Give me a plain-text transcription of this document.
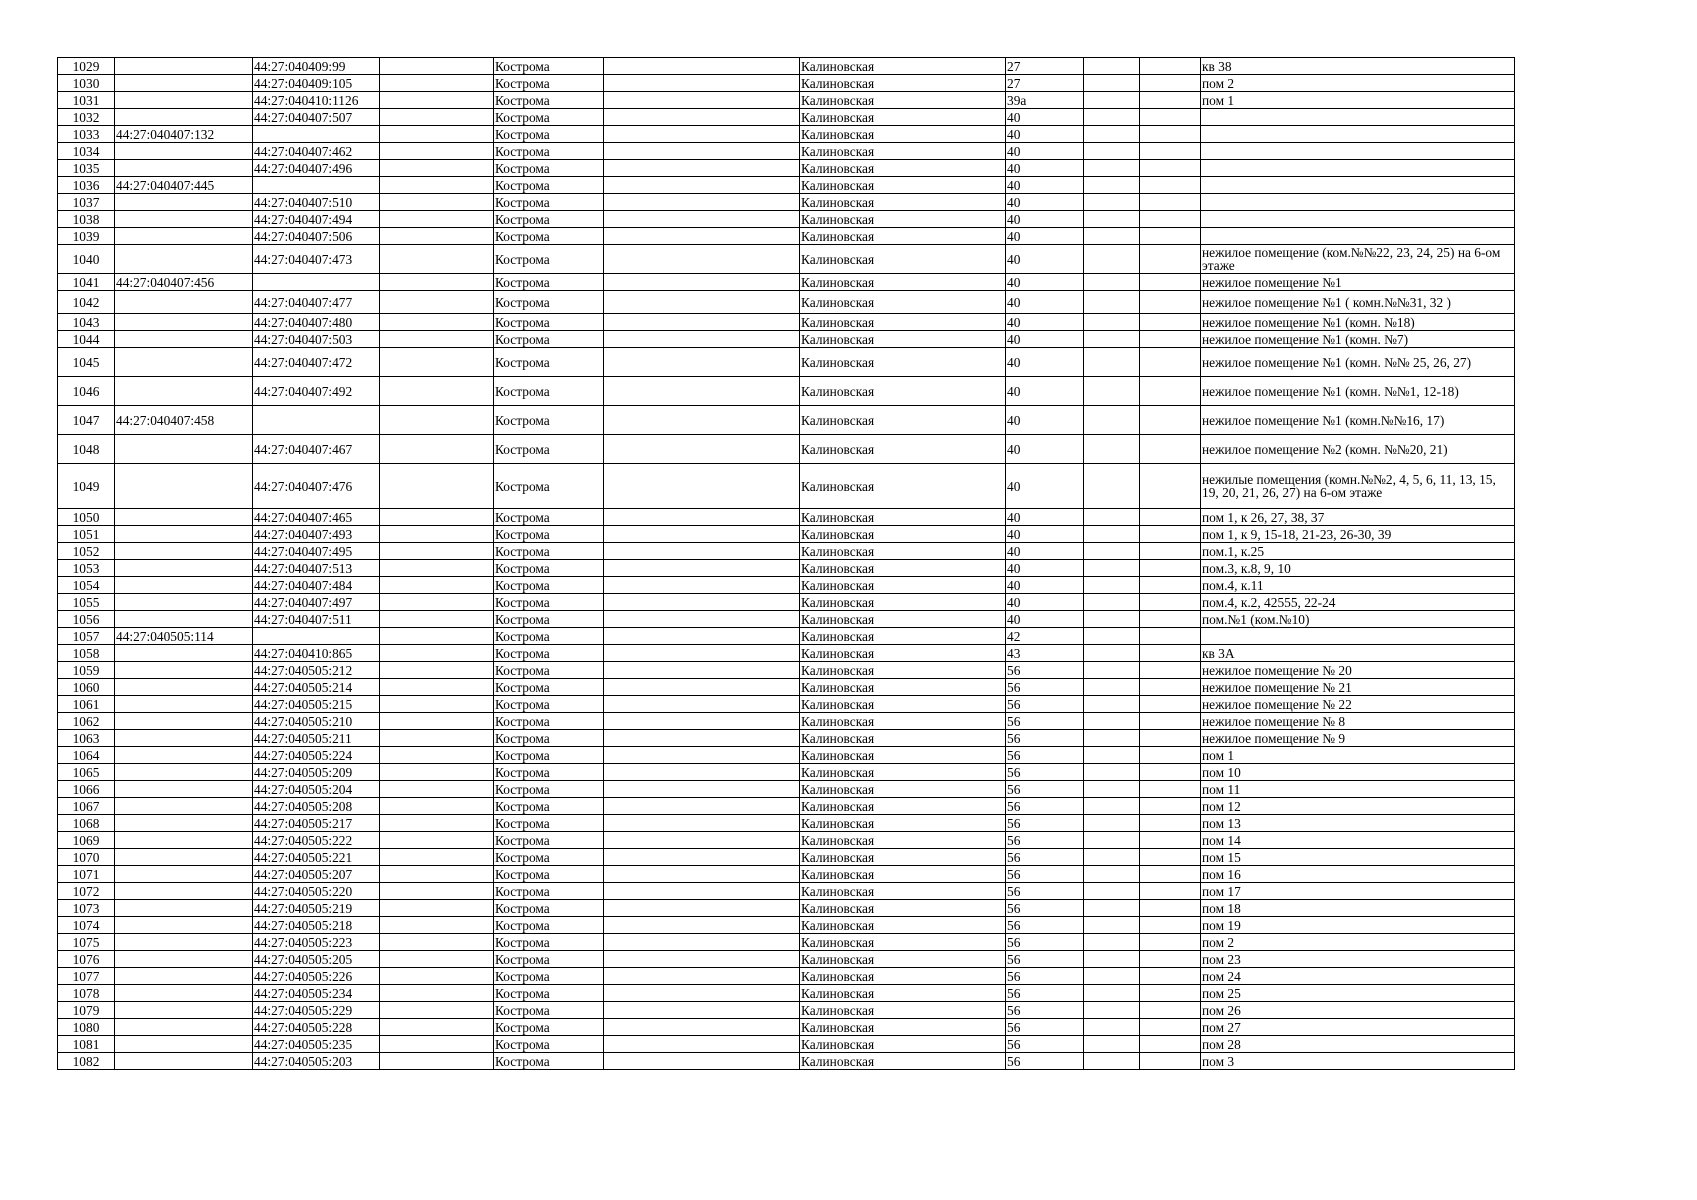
1029		44:27:040409:99		Кострома		Калиновская	27			кв 38
1030		44:27:040409:105		Кострома		Калиновская	27			пом 2
1031		44:27:040410:1126		Кострома		Калиновская	39а			пом 1
1032		44:27:040407:507		Кострома		Калиновская	40			
1033	44:27:040407:132			Кострома		Калиновская	40			
1034		44:27:040407:462		Кострома		Калиновская	40			
1035		44:27:040407:496		Кострома		Калиновская	40			
1036	44:27:040407:445			Кострома		Калиновская	40			
1037		44:27:040407:510		Кострома		Калиновская	40			
1038		44:27:040407:494		Кострома		Калиновская	40			
1039		44:27:040407:506		Кострома		Калиновская	40			
1040		44:27:040407:473		Кострома		Калиновская	40			нежилое помещение (ком.№№22, 23, 24, 25) на 6-ом этаже
1041	44:27:040407:456			Кострома		Калиновская	40			нежилое помещение №1
1042		44:27:040407:477		Кострома		Калиновская	40			нежилое помещение №1 ( комн.№№31, 32 )
1043		44:27:040407:480		Кострома		Калиновская	40			нежилое помещение №1 (комн. №18)
1044		44:27:040407:503		Кострома		Калиновская	40			нежилое помещение №1 (комн. №7)
1045		44:27:040407:472		Кострома		Калиновская	40			нежилое помещение №1 (комн. №№ 25, 26, 27)
1046		44:27:040407:492		Кострома		Калиновская	40			нежилое помещение №1 (комн. №№1, 12-18)
1047	44:27:040407:458			Кострома		Калиновская	40			нежилое помещение №1 (комн.№№16, 17)
1048		44:27:040407:467		Кострома		Калиновская	40			нежилое помещение №2 (комн. №№20, 21)
1049		44:27:040407:476		Кострома		Калиновская	40			нежилые помещения (комн.№№2, 4, 5, 6, 11, 13, 15, 19, 20, 21, 26, 27) на 6-ом этаже
1050		44:27:040407:465		Кострома		Калиновская	40			пом 1, к 26, 27, 38, 37
1051		44:27:040407:493		Кострома		Калиновская	40			пом 1, к 9, 15-18, 21-23, 26-30, 39
1052		44:27:040407:495		Кострома		Калиновская	40			пом.1, к.25
1053		44:27:040407:513		Кострома		Калиновская	40			пом.3, к.8, 9, 10
1054		44:27:040407:484		Кострома		Калиновская	40			пом.4, к.11
1055		44:27:040407:497		Кострома		Калиновская	40			пом.4, к.2, 42555, 22-24
1056		44:27:040407:511		Кострома		Калиновская	40			пом.№1 (ком.№10)
1057	44:27:040505:114			Кострома		Калиновская	42			
1058		44:27:040410:865		Кострома		Калиновская	43			кв 3А
1059		44:27:040505:212		Кострома		Калиновская	56			нежилое помещение № 20
1060		44:27:040505:214		Кострома		Калиновская	56			нежилое помещение № 21
1061		44:27:040505:215		Кострома		Калиновская	56			нежилое помещение № 22
1062		44:27:040505:210		Кострома		Калиновская	56			нежилое помещение № 8
1063		44:27:040505:211		Кострома		Калиновская	56			нежилое помещение № 9
1064		44:27:040505:224		Кострома		Калиновская	56			пом 1
1065		44:27:040505:209		Кострома		Калиновская	56			пом 10
1066		44:27:040505:204		Кострома		Калиновская	56			пом 11
1067		44:27:040505:208		Кострома		Калиновская	56			пом 12
1068		44:27:040505:217		Кострома		Калиновская	56			пом 13
1069		44:27:040505:222		Кострома		Калиновская	56			пом 14
1070		44:27:040505:221		Кострома		Калиновская	56			пом 15
1071		44:27:040505:207		Кострома		Калиновская	56			пом 16
1072		44:27:040505:220		Кострома		Калиновская	56			пом 17
1073		44:27:040505:219		Кострома		Калиновская	56			пом 18
1074		44:27:040505:218		Кострома		Калиновская	56			пом 19
1075		44:27:040505:223		Кострома		Калиновская	56			пом 2
1076		44:27:040505:205		Кострома		Калиновская	56			пом 23
1077		44:27:040505:226		Кострома		Калиновская	56			пом 24
1078		44:27:040505:234		Кострома		Калиновская	56			пом 25
1079		44:27:040505:229		Кострома		Калиновская	56			пом 26
1080		44:27:040505:228		Кострома		Калиновская	56			пом 27
1081		44:27:040505:235		Кострома		Калиновская	56			пом 28
1082		44:27:040505:203		Кострома		Калиновская	56			пом 3
